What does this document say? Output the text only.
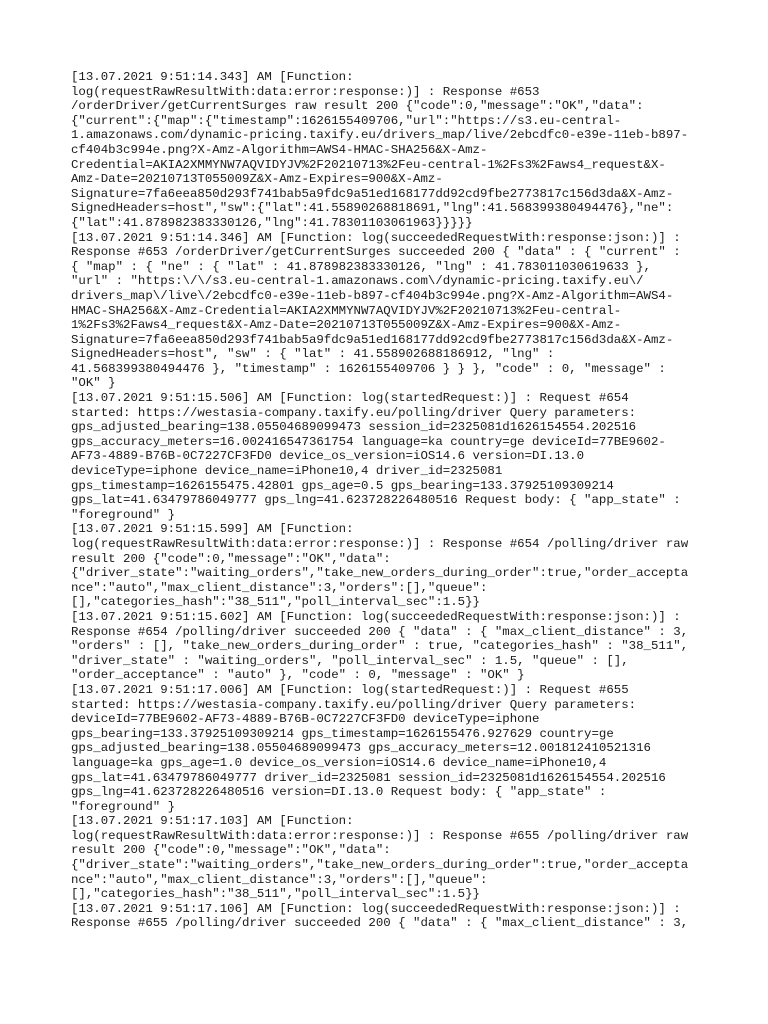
[13.07.2021 9:51:14.343] AM [Function:
log(requestRawResultWith:data:error:response:)] : Response #653
/orderDriver/getCurrentSurges raw result 200 {"code":0,"message":"OK","data":
{"current":{"map":{"timestamp":1626155409706,"url":"https://s3.eu-central-
1.amazonaws.com/dynamic-pricing.taxify.eu/drivers_map/live/2ebcdfc0-e39e-11eb-b897-
cf404b3c994e.png?X-Amz-Algorithm=AWS4-HMAC-SHA256&X-Amz-
Credential=AKIA2XMMYNW7AQVIDYJV%2F20210713%2Feu-central-1%2Fs3%2Faws4_request&X-
Amz-Date=20210713T055009Z&X-Amz-Expires=900&X-Amz-
Signature=7fa6eea850d293f741bab5a9fdc9a51ed168177dd92cd9fbe2773817c156d3da&X-Amz-
SignedHeaders=host","sw":{"lat":41.55890268818691,"lng":41.568399380494476},"ne":
{"lat":41.878982383330126,"lng":41.78301103061963}}}}}
[13.07.2021 9:51:14.346] AM [Function: log(succeededRequestWith:response:json:)] :
Response #653 /orderDriver/getCurrentSurges succeeded 200 { "data" : { "current" :
{ "map" : { "ne" : { "lat" : 41.878982383330126, "lng" : 41.783011030619633 },
"url" : "https:\/\/s3.eu-central-1.amazonaws.com\/dynamic-pricing.taxify.eu\/
drivers_map\/live\/2ebcdfc0-e39e-11eb-b897-cf404b3c994e.png?X-Amz-Algorithm=AWS4-
HMAC-SHA256&X-Amz-Credential=AKIA2XMMYNW7AQVIDYJV%2F20210713%2Feu-central-
1%2Fs3%2Faws4_request&X-Amz-Date=20210713T055009Z&X-Amz-Expires=900&X-Amz-
Signature=7fa6eea850d293f741bab5a9fdc9a51ed168177dd92cd9fbe2773817c156d3da&X-Amz-
SignedHeaders=host", "sw" : { "lat" : 41.558902688186912, "lng" :
41.568399380494476 }, "timestamp" : 1626155409706 } } }, "code" : 0, "message" :
"OK" }
[13.07.2021 9:51:15.506] AM [Function: log(startedRequest:)] : Request #654
started: https://westasia-company.taxify.eu/polling/driver Query parameters:
gps_adjusted_bearing=138.05504689099473 session_id=2325081d1626154554.202516
gps_accuracy_meters=16.002416547361754 language=ka country=ge deviceId=77BE9602-
AF73-4889-B76B-0C7227CF3FD0 device_os_version=iOS14.6 version=DI.13.0
deviceType=iphone device_name=iPhone10,4 driver_id=2325081
gps_timestamp=1626155475.42801 gps_age=0.5 gps_bearing=133.37925109309214
gps_lat=41.63479786049777 gps_lng=41.623728226480516 Request body: { "app_state" :
"foreground" }
[13.07.2021 9:51:15.599] AM [Function:
log(requestRawResultWith:data:error:response:)] : Response #654 /polling/driver raw
result 200 {"code":0,"message":"OK","data":
{"driver_state":"waiting_orders","take_new_orders_during_order":true,"order_accepta
nce":"auto","max_client_distance":3,"orders":[],"queue":
[],"categories_hash":"38_511","poll_interval_sec":1.5}}
[13.07.2021 9:51:15.602] AM [Function: log(succeededRequestWith:response:json:)] :
Response #654 /polling/driver succeeded 200 { "data" : { "max_client_distance" : 3,
"orders" : [], "take_new_orders_during_order" : true, "categories_hash" : "38_511",
"driver_state" : "waiting_orders", "poll_interval_sec" : 1.5, "queue" : [],
"order_acceptance" : "auto" }, "code" : 0, "message" : "OK" }
[13.07.2021 9:51:17.006] AM [Function: log(startedRequest:)] : Request #655
started: https://westasia-company.taxify.eu/polling/driver Query parameters:
deviceId=77BE9602-AF73-4889-B76B-0C7227CF3FD0 deviceType=iphone
gps_bearing=133.37925109309214 gps_timestamp=1626155476.927629 country=ge
gps_adjusted_bearing=138.05504689099473 gps_accuracy_meters=12.001812410521316
language=ka gps_age=1.0 device_os_version=iOS14.6 device_name=iPhone10,4
gps_lat=41.63479786049777 driver_id=2325081 session_id=2325081d1626154554.202516
gps_lng=41.623728226480516 version=DI.13.0 Request body: { "app_state" :
"foreground" }
[13.07.2021 9:51:17.103] AM [Function:
log(requestRawResultWith:data:error:response:)] : Response #655 /polling/driver raw
result 200 {"code":0,"message":"OK","data":
{"driver_state":"waiting_orders","take_new_orders_during_order":true,"order_accepta
nce":"auto","max_client_distance":3,"orders":[],"queue":
[],"categories_hash":"38_511","poll_interval_sec":1.5}}
[13.07.2021 9:51:17.106] AM [Function: log(succeededRequestWith:response:json:)] :
Response #655 /polling/driver succeeded 200 { "data" : { "max_client_distance" : 3,
